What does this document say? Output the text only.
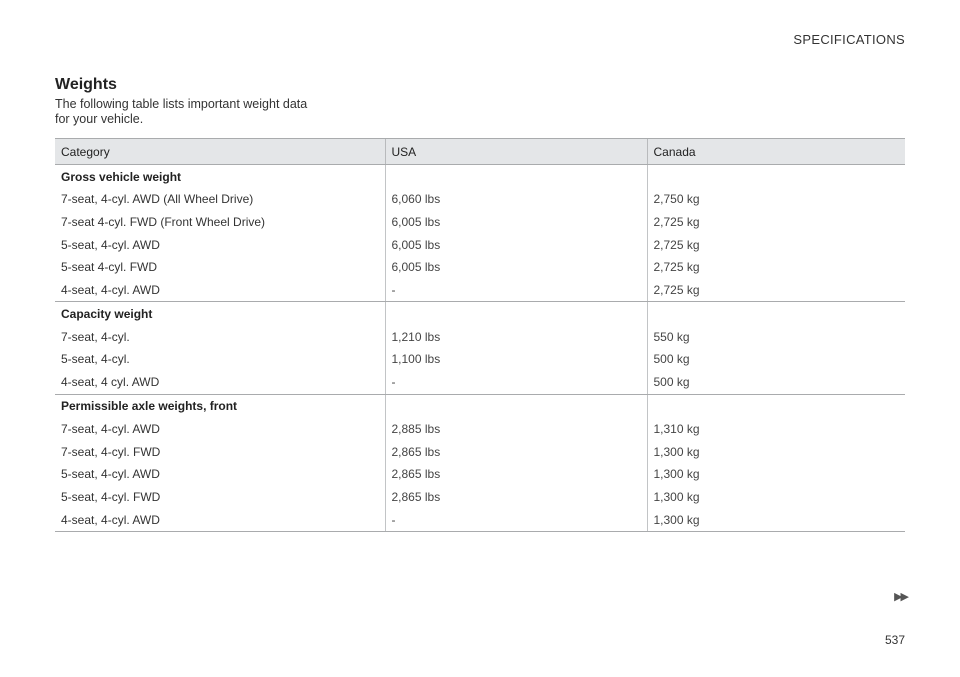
SPECIFICATIONS
Weights
The following table lists important weight data for your vehicle.
Category	USA	Canada
Gross vehicle weight		
7-seat, 4-cyl. AWD (All Wheel Drive)	6,060 lbs	2,750 kg
7-seat 4-cyl. FWD (Front Wheel Drive)	6,005 lbs	2,725 kg
5-seat, 4-cyl. AWD	6,005 lbs	2,725 kg
5-seat 4-cyl. FWD	6,005 lbs	2,725 kg
4-seat, 4-cyl. AWD	-	2,725 kg
Capacity weight		
7-seat, 4-cyl.	1,210 lbs	550 kg
5-seat, 4-cyl.	1,100 lbs	500 kg
4-seat, 4 cyl. AWD	-	500 kg
Permissible axle weights, front		
7-seat, 4-cyl. AWD	2,885 lbs	1,310 kg
7-seat, 4-cyl. FWD	2,865 lbs	1,300 kg
5-seat, 4-cyl. AWD	2,865 lbs	1,300 kg
5-seat, 4-cyl. FWD	2,865 lbs	1,300 kg
4-seat, 4-cyl. AWD	-	1,300 kg
▶▶
537
